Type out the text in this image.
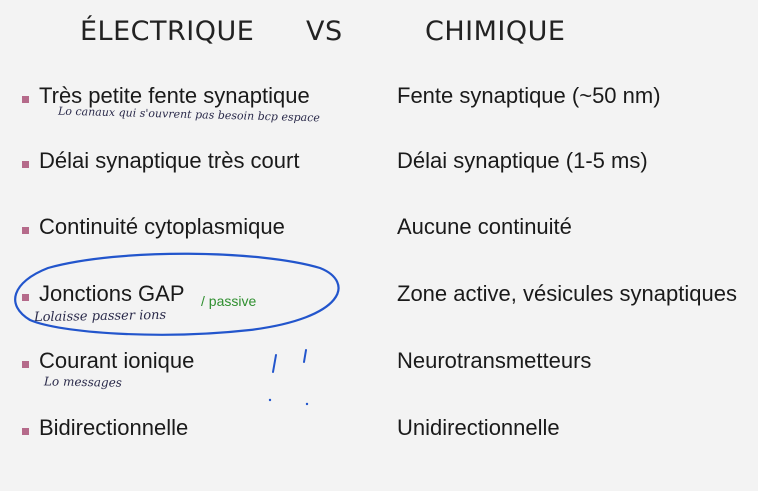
ÉLECTRIQUE VS	CHIMIQUE
Très petite fente synaptique	Fente synaptique (~50 nm)
Délai synaptique très court	Délai synaptique (1-5 ms)
Continuité cytoplasmique	Aucune continuité
Jonctions GAP	Zone active, vésicules synaptiques
Courant ionique	Neurotransmetteurs
Bidirectionnelle	Unidirectionnelle
Lo canaux qui s'ouvrent pas besoin bcp espace
Lolaisse passer ions
Lo messages
/ passive
